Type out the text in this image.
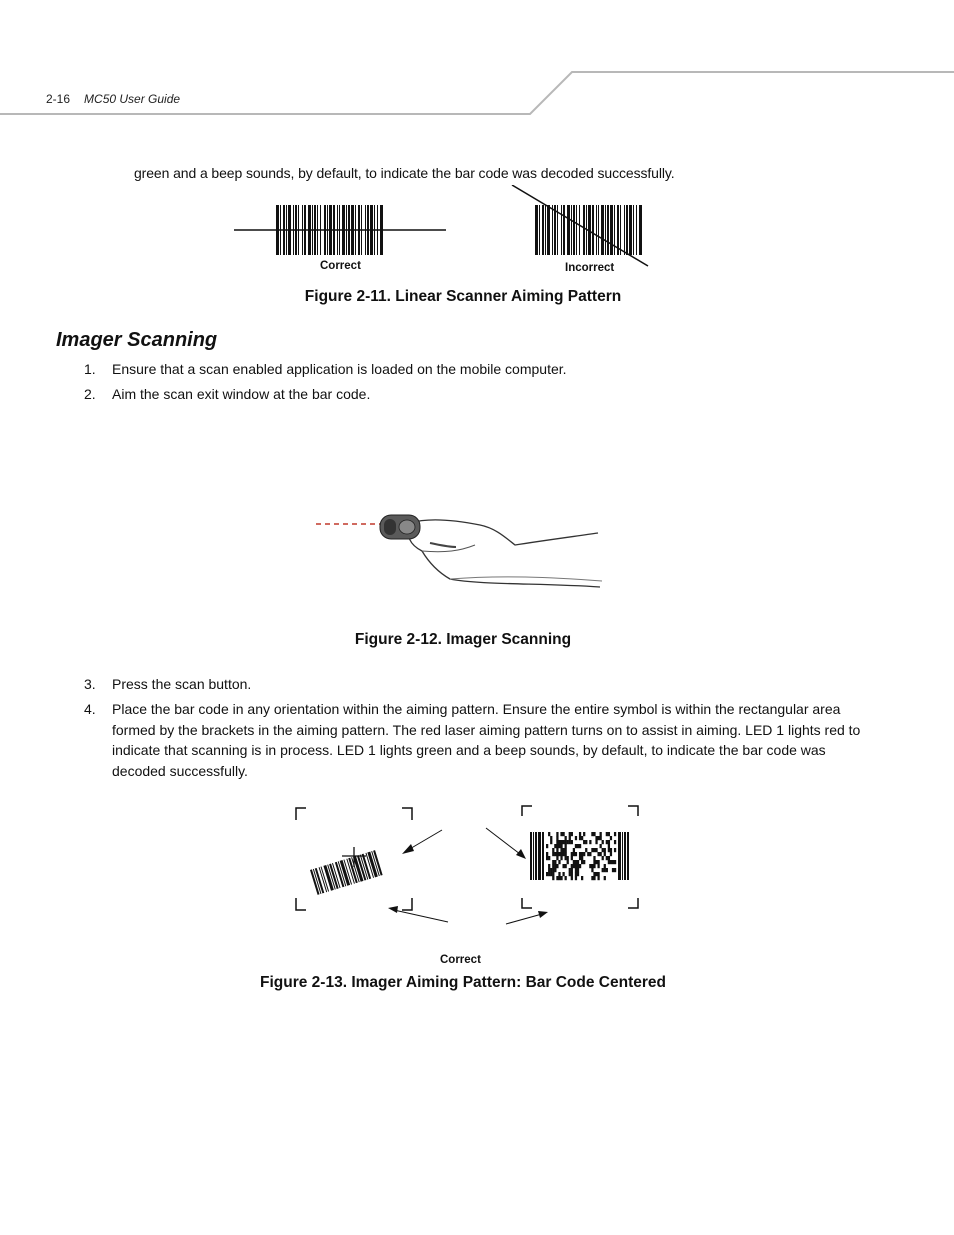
2-16 MC50 User Guide
green and a beep sounds, by default, to indicate the bar code was decoded successfully.
Correct	Incorrect
Figure 2-11. Linear Scanner Aiming Pattern
Imager Scanning
1. Ensure that a scan enabled application is loaded on the mobile computer.
2. Aim the scan exit window at the bar code.
Figure 2-12. Imager Scanning
3. Press the scan button.
4. Place the bar code in any orientation within the aiming pattern. Ensure the entire symbol is within the rectangular area formed by the brackets in the aiming pattern. The red laser aiming pattern turns on to assist in aiming. LED 1 lights red to indicate that scanning is in process. LED 1 lights green and a beep sounds, by default, to indicate the bar code was decoded successfully.
Correct
Figure 2-13. Imager Aiming Pattern: Bar Code Centered
